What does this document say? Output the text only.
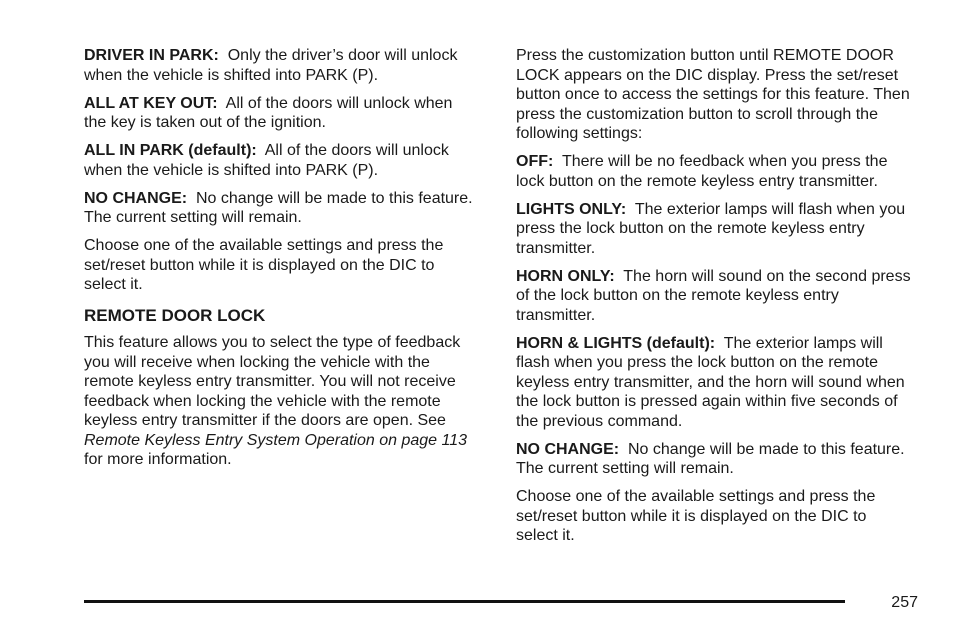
DRIVER IN PARK: Only the driver’s door will unlock when the vehicle is shifted into PARK (P).

ALL AT KEY OUT: All of the doors will unlock when the key is taken out of the ignition.

ALL IN PARK (default): All of the doors will unlock when the vehicle is shifted into PARK (P).

NO CHANGE: No change will be made to this feature. The current setting will remain.

Choose one of the available settings and press the set/reset button while it is displayed on the DIC to select it.

REMOTE DOOR LOCK

This feature allows you to select the type of feedback you will receive when locking the vehicle with the remote keyless entry transmitter. You will not receive feedback when locking the vehicle with the remote keyless entry transmitter if the doors are open. See Remote Keyless Entry System Operation on page 113 for more information.

Press the customization button until REMOTE DOOR LOCK appears on the DIC display. Press the set/reset button once to access the settings for this feature. Then press the customization button to scroll through the following settings:

OFF: There will be no feedback when you press the lock button on the remote keyless entry transmitter.

LIGHTS ONLY: The exterior lamps will flash when you press the lock button on the remote keyless entry transmitter.

HORN ONLY: The horn will sound on the second press of the lock button on the remote keyless entry transmitter.

HORN & LIGHTS (default): The exterior lamps will flash when you press the lock button on the remote keyless entry transmitter, and the horn will sound when the lock button is pressed again within five seconds of the previous command.

NO CHANGE: No change will be made to this feature. The current setting will remain.

Choose one of the available settings and press the set/reset button while it is displayed on the DIC to select it.

257
